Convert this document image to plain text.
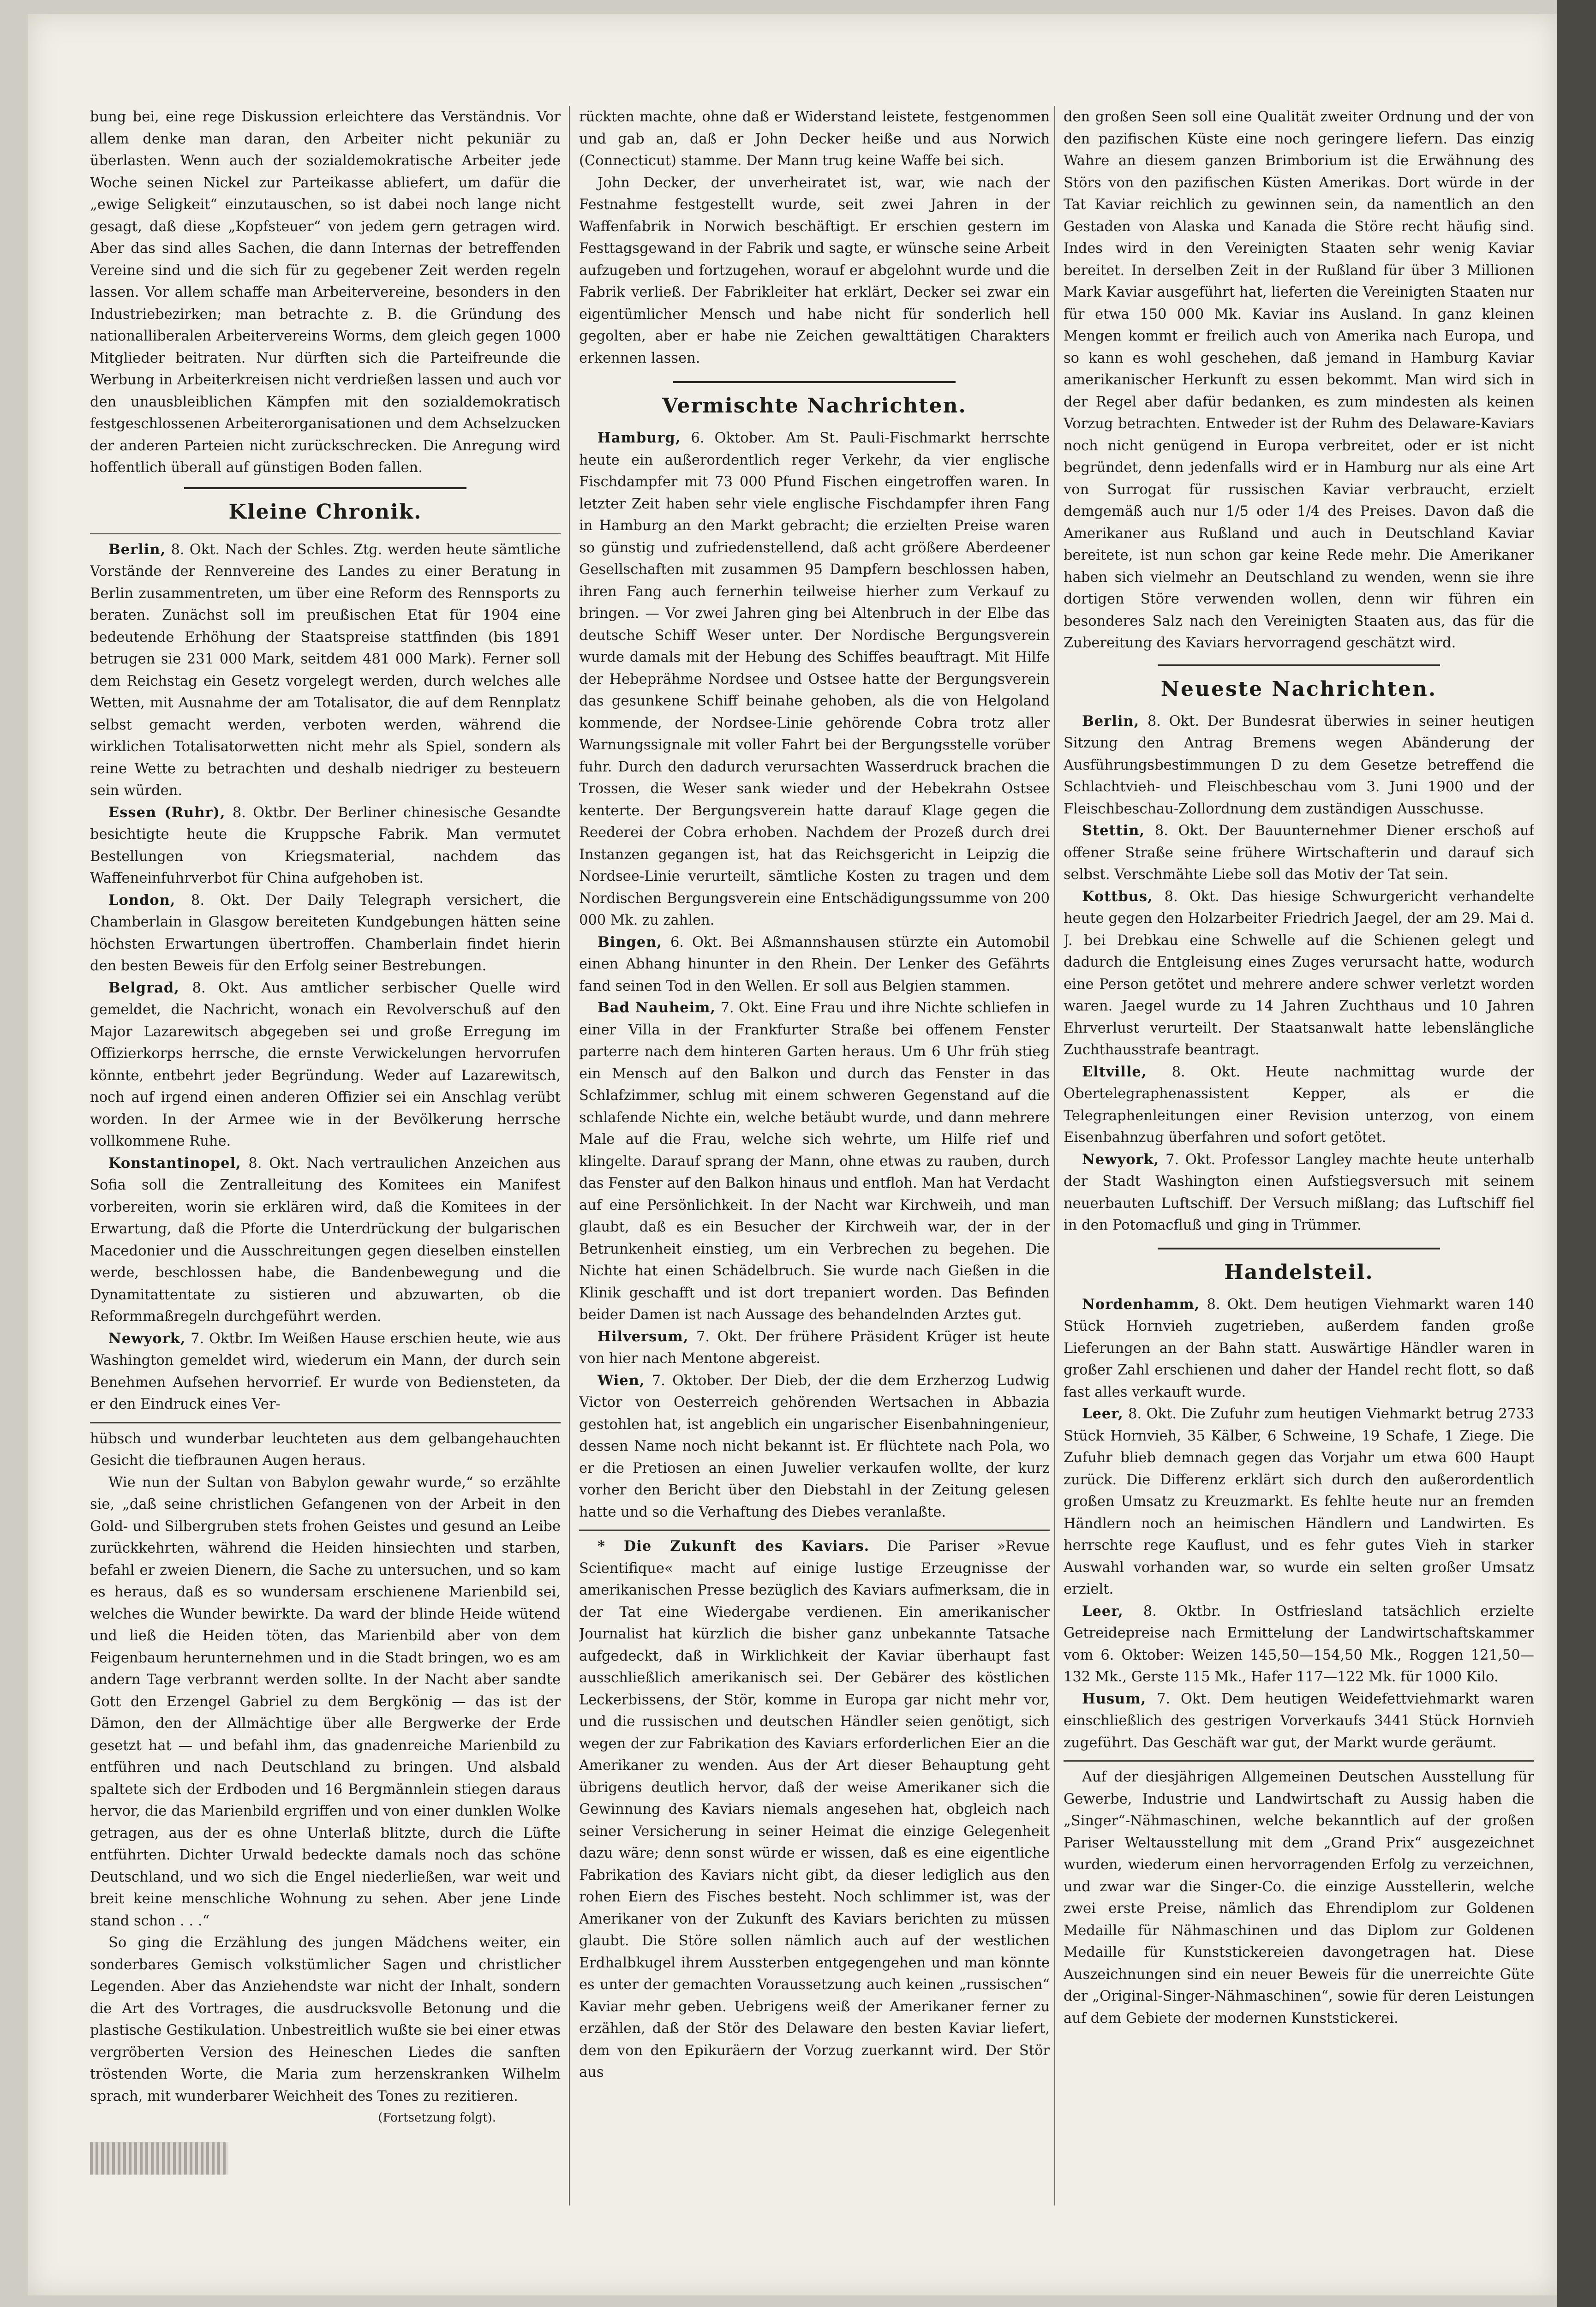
bung bei, eine rege Diskussion erleichtere das Verständnis. Vor allem denke man daran, den Arbeiter nicht pekuniär zu überlasten. Wenn auch der sozialdemokratische Arbeiter jede Woche seinen Nickel zur Parteikasse abliefert, um dafür die „ewige Seligkeit“ einzutauschen, so ist dabei noch lange nicht gesagt, daß diese „Kopfsteuer“ von jedem gern getragen wird. Aber das sind alles Sachen, die dann Internas der betreffenden Vereine sind und die sich für zu gegebener Zeit werden regeln lassen. Vor allem schaffe man Arbeitervereine, besonders in den Industriebezirken; man betrachte z. B. die Gründung des nationalliberalen Arbeitervereins Worms, dem gleich gegen 1000 Mitglieder beitraten. Nur dürften sich die Parteifreunde die Werbung in Arbeiterkreisen nicht verdrießen lassen und auch vor den unausbleiblichen Kämpfen mit den sozialdemokratisch festgeschlossenen Arbeiterorganisationen und dem Achselzucken der anderen Parteien nicht zurückschrecken. Die Anregung wird hoffentlich überall auf günstigen Boden fallen.

Kleine Chronik.

Berlin, 8. Okt. Nach der Schles. Ztg. werden heute sämtliche Vorstände der Rennvereine des Landes zu einer Beratung in Berlin zusammentreten, um über eine Reform des Rennsports zu beraten. Zunächst soll im preußischen Etat für 1904 eine bedeutende Erhöhung der Staatspreise stattfinden (bis 1891 betrugen sie 231 000 Mark, seitdem 481 000 Mark). Ferner soll dem Reichstag ein Gesetz vorgelegt werden, durch welches alle Wetten, mit Ausnahme der am Totalisator, die auf dem Rennplatz selbst gemacht werden, verboten werden, während die wirklichen Totalisatorwetten nicht mehr als Spiel, sondern als reine Wette zu betrachten und deshalb niedriger zu besteuern sein würden.

Essen (Ruhr), 8. Oktbr. Der Berliner chinesische Gesandte besichtigte heute die Kruppsche Fabrik. Man vermutet Bestellungen von Kriegsmaterial, nachdem das Waffeneinfuhrverbot für China aufgehoben ist.

London, 8. Okt. Der Daily Telegraph versichert, die Chamberlain in Glasgow bereiteten Kundgebungen hätten seine höchsten Erwartungen übertroffen. Chamberlain findet hierin den besten Beweis für den Erfolg seiner Bestrebungen.

Belgrad, 8. Okt. Aus amtlicher serbischer Quelle wird gemeldet, die Nachricht, wonach ein Revolverschuß auf den Major Lazarewitsch abgegeben sei und große Erregung im Offizierkorps herrsche, die ernste Verwickelungen hervorrufen könnte, entbehrt jeder Begründung. Weder auf Lazarewitsch, noch auf irgend einen anderen Offizier sei ein Anschlag verübt worden. In der Armee wie in der Bevölkerung herrsche vollkommene Ruhe.

Konstantinopel, 8. Okt. Nach vertraulichen Anzeichen aus Sofia soll die Zentralleitung des Komitees ein Manifest vorbereiten, worin sie erklären wird, daß die Komitees in der Erwartung, daß die Pforte die Unterdrückung der bulgarischen Macedonier und die Ausschreitungen gegen dieselben einstellen werde, beschlossen habe, die Bandenbewegung und die Dynamitattentate zu sistieren und abzuwarten, ob die Reformmaßregeln durchgeführt werden.

Newyork, 7. Oktbr. Im Weißen Hause erschien heute, wie aus Washington gemeldet wird, wiederum ein Mann, der durch sein Benehmen Aufsehen hervorrief. Er wurde von Bediensteten, da er den Eindruck eines Ver-

hübsch und wunderbar leuchteten aus dem gelbangehauchten Gesicht die tiefbraunen Augen heraus.

Wie nun der Sultan von Babylon gewahr wurde,“ so erzählte sie, „daß seine christlichen Gefangenen von der Arbeit in den Gold- und Silbergruben stets frohen Geistes und gesund an Leibe zurückkehrten, während die Heiden hinsiechten und starben, befahl er zweien Dienern, die Sache zu untersuchen, und so kam es heraus, daß es so wundersam erschienene Marienbild sei, welches die Wunder bewirkte. Da ward der blinde Heide wütend und ließ die Heiden töten, das Marienbild aber von dem Feigenbaum herunternehmen und in die Stadt bringen, wo es am andern Tage verbrannt werden sollte. In der Nacht aber sandte Gott den Erzengel Gabriel zu dem Bergkönig — das ist der Dämon, den der Allmächtige über alle Bergwerke der Erde gesetzt hat — und befahl ihm, das gnadenreiche Marienbild zu entführen und nach Deutschland zu bringen. Und alsbald spaltete sich der Erdboden und 16 Bergmännlein stiegen daraus hervor, die das Marienbild ergriffen und von einer dunklen Wolke getragen, aus der es ohne Unterlaß blitzte, durch die Lüfte entführten. Dichter Urwald bedeckte damals noch das schöne Deutschland, und wo sich die Engel niederließen, war weit und breit keine menschliche Wohnung zu sehen. Aber jene Linde stand schon . . .“

So ging die Erzählung des jungen Mädchens weiter, ein sonderbares Gemisch volkstümlicher Sagen und christlicher Legenden. Aber das Anziehendste war nicht der Inhalt, sondern die Art des Vortrages, die ausdrucksvolle Betonung und die plastische Gestikulation. Unbestreitlich wußte sie bei einer etwas vergröberten Version des Heineschen Liedes die sanften tröstenden Worte, die Maria zum herzenskranken Wilhelm sprach, mit wunderbarer Weichheit des Tones zu rezitieren.

(Fortsetzung folgt).

rückten machte, ohne daß er Widerstand leistete, festgenommen und gab an, daß er John Decker heiße und aus Norwich (Connecticut) stamme. Der Mann trug keine Waffe bei sich.

John Decker, der unverheiratet ist, war, wie nach der Festnahme festgestellt wurde, seit zwei Jahren in der Waffenfabrik in Norwich beschäftigt. Er erschien gestern im Festtagsgewand in der Fabrik und sagte, er wünsche seine Arbeit aufzugeben und fortzugehen, worauf er abgelohnt wurde und die Fabrik verließ. Der Fabrikleiter hat erklärt, Decker sei zwar ein eigentümlicher Mensch und habe nicht für sonderlich hell gegolten, aber er habe nie Zeichen gewalttätigen Charakters erkennen lassen.

Vermischte Nachrichten.

Hamburg, 6. Oktober. Am St. Pauli-Fischmarkt herrschte heute ein außerordentlich reger Verkehr, da vier englische Fischdampfer mit 73 000 Pfund Fischen eingetroffen waren. In letzter Zeit haben sehr viele englische Fischdampfer ihren Fang in Hamburg an den Markt gebracht; die erzielten Preise waren so günstig und zufriedenstellend, daß acht größere Aberdeener Gesellschaften mit zusammen 95 Dampfern beschlossen haben, ihren Fang auch fernerhin teilweise hierher zum Verkauf zu bringen. — Vor zwei Jahren ging bei Altenbruch in der Elbe das deutsche Schiff Weser unter. Der Nordische Bergungsverein wurde damals mit der Hebung des Schiffes beauftragt. Mit Hilfe der Hebeprähme Nordsee und Ostsee hatte der Bergungsverein das gesunkene Schiff beinahe gehoben, als die von Helgoland kommende, der Nordsee-Linie gehörende Cobra trotz aller Warnungssignale mit voller Fahrt bei der Bergungsstelle vorüber fuhr. Durch den dadurch verursachten Wasserdruck brachen die Trossen, die Weser sank wieder und der Hebekrahn Ostsee kenterte. Der Bergungsverein hatte darauf Klage gegen die Reederei der Cobra erhoben. Nachdem der Prozeß durch drei Instanzen gegangen ist, hat das Reichsgericht in Leipzig die Nordsee-Linie verurteilt, sämtliche Kosten zu tragen und dem Nordischen Bergungsverein eine Entschädigungssumme von 200 000 Mk. zu zahlen.

Bingen, 6. Okt. Bei Aßmannshausen stürzte ein Automobil einen Abhang hinunter in den Rhein. Der Lenker des Gefährts fand seinen Tod in den Wellen. Er soll aus Belgien stammen.

Bad Nauheim, 7. Okt. Eine Frau und ihre Nichte schliefen in einer Villa in der Frankfurter Straße bei offenem Fenster parterre nach dem hinteren Garten heraus. Um 6 Uhr früh stieg ein Mensch auf den Balkon und durch das Fenster in das Schlafzimmer, schlug mit einem schweren Gegenstand auf die schlafende Nichte ein, welche betäubt wurde, und dann mehrere Male auf die Frau, welche sich wehrte, um Hilfe rief und klingelte. Darauf sprang der Mann, ohne etwas zu rauben, durch das Fenster auf den Balkon hinaus und entfloh. Man hat Verdacht auf eine Persönlichkeit. In der Nacht war Kirchweih, und man glaubt, daß es ein Besucher der Kirchweih war, der in der Betrunkenheit einstieg, um ein Verbrechen zu begehen. Die Nichte hat einen Schädelbruch. Sie wurde nach Gießen in die Klinik geschafft und ist dort trepaniert worden. Das Befinden beider Damen ist nach Aussage des behandelnden Arztes gut.

Hilversum, 7. Okt. Der frühere Präsident Krüger ist heute von hier nach Mentone abgereist.

Wien, 7. Oktober. Der Dieb, der die dem Erzherzog Ludwig Victor von Oesterreich gehörenden Wertsachen in Abbazia gestohlen hat, ist angeblich ein ungarischer Eisenbahningenieur, dessen Name noch nicht bekannt ist. Er flüchtete nach Pola, wo er die Pretiosen an einen Juwelier verkaufen wollte, der kurz vorher den Bericht über den Diebstahl in der Zeitung gelesen hatte und so die Verhaftung des Diebes veranlaßte.

* Die Zukunft des Kaviars. Die Pariser »Revue Scientifique« macht auf einige lustige Erzeugnisse der amerikanischen Presse bezüglich des Kaviars aufmerksam, die in der Tat eine Wiedergabe verdienen. Ein amerikanischer Journalist hat kürzlich die bisher ganz unbekannte Tatsache aufgedeckt, daß in Wirklichkeit der Kaviar überhaupt fast ausschließlich amerikanisch sei. Der Gebärer des köstlichen Leckerbissens, der Stör, komme in Europa gar nicht mehr vor, und die russischen und deutschen Händler seien genötigt, sich wegen der zur Fabrikation des Kaviars erforderlichen Eier an die Amerikaner zu wenden. Aus der Art dieser Behauptung geht übrigens deutlich hervor, daß der weise Amerikaner sich die Gewinnung des Kaviars niemals angesehen hat, obgleich nach seiner Versicherung in seiner Heimat die einzige Gelegenheit dazu wäre; denn sonst würde er wissen, daß es eine eigentliche Fabrikation des Kaviars nicht gibt, da dieser lediglich aus den rohen Eiern des Fisches besteht. Noch schlimmer ist, was der Amerikaner von der Zukunft des Kaviars berichten zu müssen glaubt. Die Störe sollen nämlich auch auf der westlichen Erdhalbkugel ihrem Aussterben entgegengehen und man könnte es unter der gemachten Voraussetzung auch keinen „russischen“ Kaviar mehr geben. Uebrigens weiß der Amerikaner ferner zu erzählen, daß der Stör des Delaware den besten Kaviar liefert, dem von den Epikuräern der Vorzug zuerkannt wird. Der Stör aus

den großen Seen soll eine Qualität zweiter Ordnung und der von den pazifischen Küste eine noch geringere liefern. Das einzig Wahre an diesem ganzen Brimborium ist die Erwähnung des Störs von den pazifischen Küsten Amerikas. Dort würde in der Tat Kaviar reichlich zu gewinnen sein, da namentlich an den Gestaden von Alaska und Kanada die Störe recht häufig sind. Indes wird in den Vereinigten Staaten sehr wenig Kaviar bereitet. In derselben Zeit in der Rußland für über 3 Millionen Mark Kaviar ausgeführt hat, lieferten die Vereinigten Staaten nur für etwa 150 000 Mk. Kaviar ins Ausland. In ganz kleinen Mengen kommt er freilich auch von Amerika nach Europa, und so kann es wohl geschehen, daß jemand in Hamburg Kaviar amerikanischer Herkunft zu essen bekommt. Man wird sich in der Regel aber dafür bedanken, es zum mindesten als keinen Vorzug betrachten. Entweder ist der Ruhm des Delaware-Kaviars noch nicht genügend in Europa verbreitet, oder er ist nicht begründet, denn jedenfalls wird er in Hamburg nur als eine Art von Surrogat für russischen Kaviar verbraucht, erzielt demgemäß auch nur 1/5 oder 1/4 des Preises. Davon daß die Amerikaner aus Rußland und auch in Deutschland Kaviar bereitete, ist nun schon gar keine Rede mehr. Die Amerikaner haben sich vielmehr an Deutschland zu wenden, wenn sie ihre dortigen Störe verwenden wollen, denn wir führen ein besonderes Salz nach den Vereinigten Staaten aus, das für die Zubereitung des Kaviars hervorragend geschätzt wird.

Neueste Nachrichten.

Berlin, 8. Okt. Der Bundesrat überwies in seiner heutigen Sitzung den Antrag Bremens wegen Abänderung der Ausführungsbestimmungen D zu dem Gesetze betreffend die Schlachtvieh- und Fleischbeschau vom 3. Juni 1900 und der Fleischbeschau-Zollordnung dem zuständigen Ausschusse.

Stettin, 8. Okt. Der Bauunternehmer Diener erschoß auf offener Straße seine frühere Wirtschafterin und darauf sich selbst. Verschmähte Liebe soll das Motiv der Tat sein.

Kottbus, 8. Okt. Das hiesige Schwurgericht verhandelte heute gegen den Holzarbeiter Friedrich Jaegel, der am 29. Mai d. J. bei Drebkau eine Schwelle auf die Schienen gelegt und dadurch die Entgleisung eines Zuges verursacht hatte, wodurch eine Person getötet und mehrere andere schwer verletzt worden waren. Jaegel wurde zu 14 Jahren Zuchthaus und 10 Jahren Ehrverlust verurteilt. Der Staatsanwalt hatte lebenslängliche Zuchthausstrafe beantragt.

Eltville, 8. Okt. Heute nachmittag wurde der Obertelegraphenassistent Kepper, als er die Telegraphenleitungen einer Revision unterzog, von einem Eisenbahnzug überfahren und sofort getötet.

Newyork, 7. Okt. Professor Langley machte heute unterhalb der Stadt Washington einen Aufstiegsversuch mit seinem neuerbauten Luftschiff. Der Versuch mißlang; das Luftschiff fiel in den Potomacfluß und ging in Trümmer.

Handelsteil.

Nordenhamm, 8. Okt. Dem heutigen Viehmarkt waren 140 Stück Hornvieh zugetrieben, außerdem fanden große Lieferungen an der Bahn statt. Auswärtige Händler waren in großer Zahl erschienen und daher der Handel recht flott, so daß fast alles verkauft wurde.

Leer, 8. Okt. Die Zufuhr zum heutigen Viehmarkt betrug 2733 Stück Hornvieh, 35 Kälber, 6 Schweine, 19 Schafe, 1 Ziege. Die Zufuhr blieb demnach gegen das Vorjahr um etwa 600 Haupt zurück. Die Differenz erklärt sich durch den außerordentlich großen Umsatz zu Kreuzmarkt. Es fehlte heute nur an fremden Händlern noch an heimischen Händlern und Landwirten. Es herrschte rege Kauflust, und es fehr gutes Vieh in starker Auswahl vorhanden war, so wurde ein selten großer Umsatz erzielt.

Leer, 8. Oktbr. In Ostfriesland tatsächlich erzielte Getreidepreise nach Ermittelung der Landwirtschaftskammer vom 6. Oktober: Weizen 145,50—154,50 Mk., Roggen 121,50—132 Mk., Gerste 115 Mk., Hafer 117—122 Mk. für 1000 Kilo.

Husum, 7. Okt. Dem heutigen Weidefettviehmarkt waren einschließlich des gestrigen Vorverkaufs 3441 Stück Hornvieh zugeführt. Das Geschäft war gut, der Markt wurde geräumt.

Auf der diesjährigen Allgemeinen Deutschen Ausstellung für Gewerbe, Industrie und Landwirtschaft zu Aussig haben die „Singer“-Nähmaschinen, welche bekanntlich auf der großen Pariser Weltausstellung mit dem „Grand Prix“ ausgezeichnet wurden, wiederum einen hervorragenden Erfolg zu verzeichnen, und zwar war die Singer-Co. die einzige Ausstellerin, welche zwei erste Preise, nämlich das Ehrendiplom zur Goldenen Medaille für Nähmaschinen und das Diplom zur Goldenen Medaille für Kunststickereien davongetragen hat. Diese Auszeichnungen sind ein neuer Beweis für die unerreichte Güte der „Original-Singer-Nähmaschinen“, sowie für deren Leistungen auf dem Gebiete der modernen Kunststickerei.
